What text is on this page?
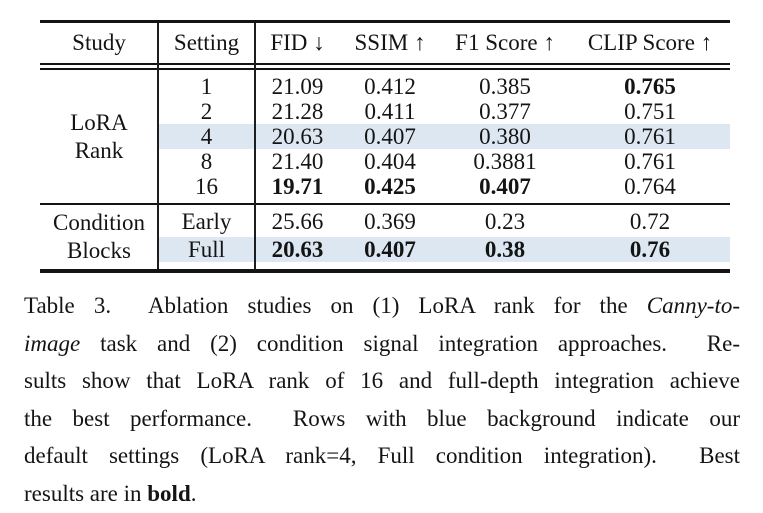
Study	Setting	FID ↓	SSIM ↑	F1 Score ↑	CLIP Score ↑
LoRA
Rank
1	21.09	0.412	0.385	0.765
2	21.28	0.411	0.377	0.751
4	20.63	0.407	0.380	0.761
8	21.40	0.404	0.3881	0.761
16	19.71	0.425	0.407	0.764
Condition
Blocks
Early	25.66	0.369	0.23	0.72
Full	20.63	0.407	0.38	0.76
Table 3.  Ablation studies on (1) LoRA rank for the Canny-to-
image task and (2) condition signal integration approaches.  Re-
sults show that LoRA rank of 16 and full-depth integration achieve
the best performance.  Rows with blue background indicate our
default settings (LoRA rank=4, Full condition integration).  Best
results are in bold.
